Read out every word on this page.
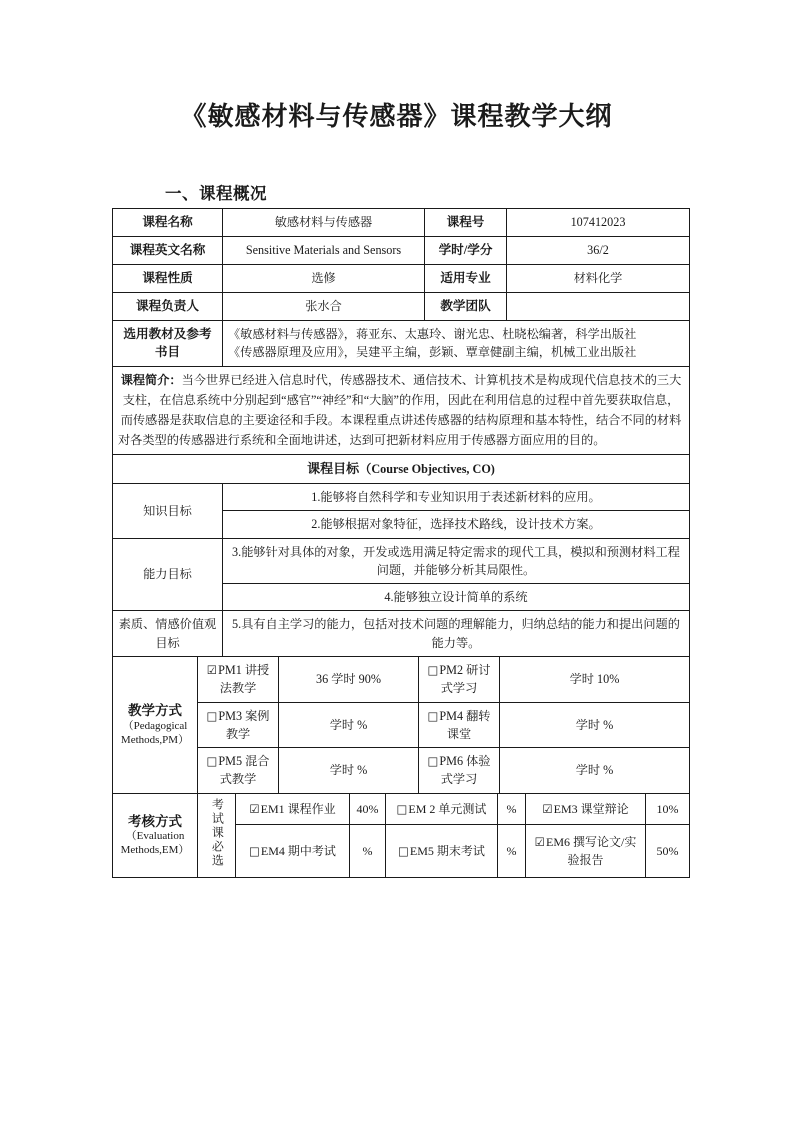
《敏感材料与传感器》课程教学大纲
一、课程概况
课程名称	敏感材料与传感器	课程号	107412023
课程英文名称	Sensitive Materials and Sensors	学时/学分	36/2
课程性质	选修	适用专业	材料化学
课程负责人	张水合	教学团队	
选用教材及参考书目	《敏感材料与传感器》，蒋亚东、太惠玲、谢光忠、杜晓松编著，科学出版社
《传感器原理及应用》，吴建平主编，彭颖、覃章健副主编，机械工业出版社		

课程简介：当今世界已经进入信息时代，传感器技术、通信技术、计算机技术是构成现代信息技术的三大支柱，在信息系统中分别起到“感官”“神经”和“大脑”的作用，因此在利用信息的过程中首先要获取信息，而传感器是获取信息的主要途径和手段。本课程重点讲述传感器的结构原理和基本特性，结合不同的材料对各类型的传感器进行系统和全面地讲述，达到可把新材料应用于传感器方面应用的目的。			
课程目标（Course Objectives, CO)			
知识目标	1.能够将自然科学和专业知识用于表述新材料的应用。		
	2.能够根据对象特征，选择技术路线，设计技术方案。		
能力目标	3.能够针对具体的对象，开发或选用满足特定需求的现代工具，模拟和预测材料工程问题，并能够分析其局限性。		
	4.能够独立设计简单的系统		
素质、情感价值观目标	5.具有自主学习的能力，包括对技术问题的理解能力，归纳总结的能力和提出问题的能力等。		
教学方式
（Pedagogical
Methods,PM）	☑PM1 讲授法教学	36 学时 90%	□PM2 研讨式学习	学时 10%
	□PM3 案例教学	学时 %	□PM4 翻转课堂	学时 %
	□PM5 混合式教学	学时 %	□PM6 体验式学习	学时 %
考核方式
（Evaluation
Methods,EM）	考试课必选	☑EM1 课程作业	40%	□EM 2 单元测试	%	☑EM3 课堂辩论	10%
		□EM4 期中考试	%	□EM5 期末考试	%	☑EM6 撰写论文/实验报告	50%
